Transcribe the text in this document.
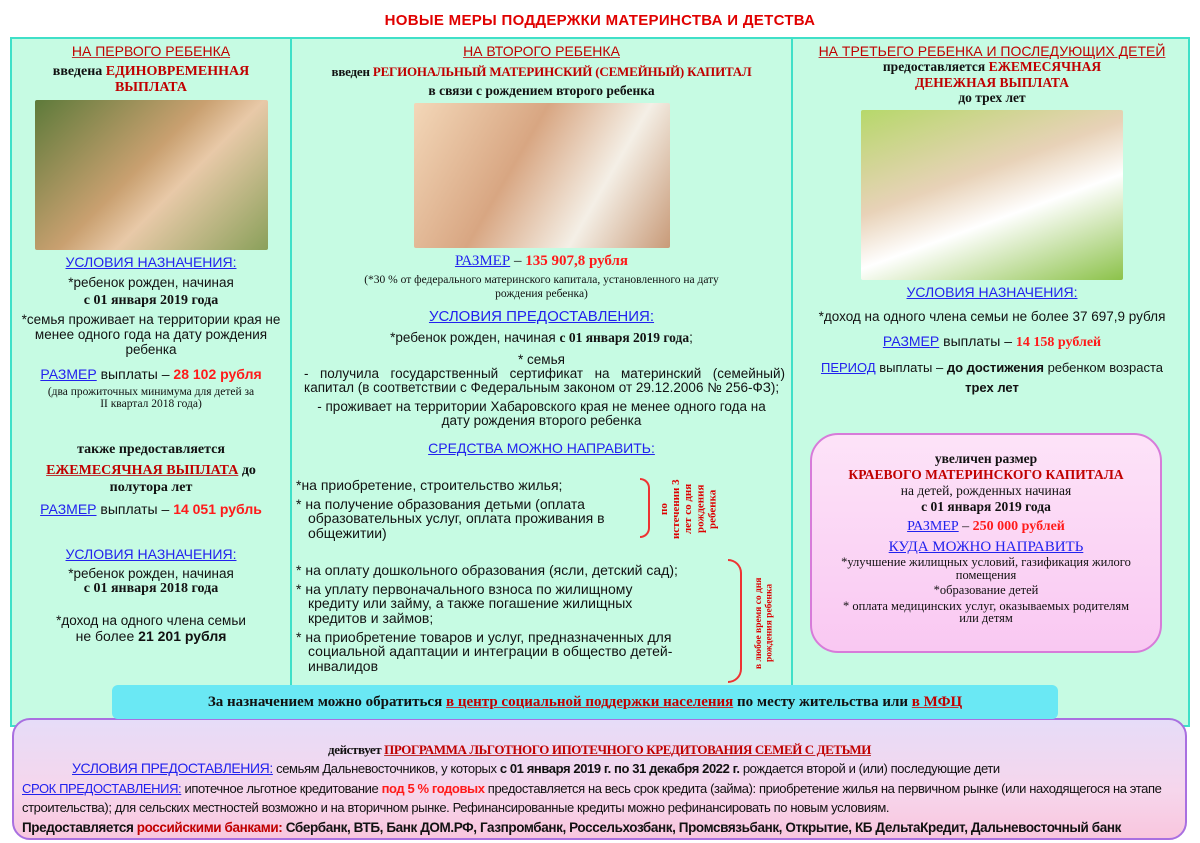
НОВЫЕ МЕРЫ ПОДДЕРЖКИ МАТЕРИНСТВА И ДЕТСТВА
НА ПЕРВОГО РЕБЕНКА
введена ЕДИНОВРЕМЕННАЯ ВЫПЛАТА
УСЛОВИЯ НАЗНАЧЕНИЯ:
*ребенок рожден, начиная
с 01 января 2019 года
*семья проживает на территории края не менее одного года на дату рождения ребенка
РАЗМЕР выплаты – 28 102 рубля
(два прожиточных минимума для детей за II квартал 2018 года)
также предоставляется
ЕЖЕМЕСЯЧНАЯ ВЫПЛАТА до полутора лет
РАЗМЕР выплаты – 14 051 рубль
УСЛОВИЯ НАЗНАЧЕНИЯ:
*ребенок рожден, начиная
с 01 января 2018 года
*доход на одного члена семьи
не более 21 201 рубля
НА ВТОРОГО РЕБЕНКА
введен РЕГИОНАЛЬНЫЙ МАТЕРИНСКИЙ (СЕМЕЙНЫЙ) КАПИТАЛ
в связи с рождением второго ребенка
РАЗМЕР – 135 907,8 рубля
(*30 % от федерального материнского капитала, установленного на дату рождения ребенка)
УСЛОВИЯ ПРЕДОСТАВЛЕНИЯ:
*ребенок рожден, начиная с 01 января 2019 года;
* семья
- получила государственный сертификат на материнский (семейный) капитал (в соответствии с Федеральным законом от 29.12.2006 № 256-ФЗ);
- проживает на территории Хабаровского края не менее одного года на дату рождения второго ребенка
СРЕДСТВА МОЖНО НАПРАВИТЬ:
*на приобретение, строительство жилья;
* на получение образования детьми (оплата образовательных услуг, оплата проживания в общежитии)
по истечении 3 лет со дня рождения ребенка
* на оплату дошкольного образования (ясли, детский сад);
* на уплату первоначального взноса по жилищному кредиту или займу, а также погашение жилищных кредитов и займов;
* на приобретение товаров и услуг, предназначенных для социальной адаптации и интеграции в общество детей-инвалидов	в любое время со дня рождения ребенка
НА ТРЕТЬЕГО РЕБЕНКА И ПОСЛЕДУЮЩИХ ДЕТЕЙ
предоставляется ЕЖЕМЕСЯЧНАЯ ДЕНЕЖНАЯ ВЫПЛАТА
до трех лет
УСЛОВИЯ НАЗНАЧЕНИЯ:
*доход на одного члена семьи не более 37 697,9 рубля
РАЗМЕР выплаты – 14 158 рублей
ПЕРИОД выплаты – до достижения ребенком возраста
трех лет
увеличен размер
КРАЕВОГО МАТЕРИНСКОГО КАПИТАЛА
на детей, рожденных начиная
с 01 января 2019 года
РАЗМЕР – 250 000 рублей
КУДА МОЖНО НАПРАВИТЬ
*улучшение жилищных условий, газификация жилого помещения
*образование детей
* оплата медицинских услуг, оказываемых родителям или детям
За назначением можно обратиться в центр социальной поддержки населения по месту жительства или в МФЦ
действует ПРОГРАММА ЛЬГОТНОГО ИПОТЕЧНОГО КРЕДИТОВАНИЯ СЕМЕЙ С ДЕТЬМИ
УСЛОВИЯ ПРЕДОСТАВЛЕНИЯ: семьям Дальневосточников, у которых с 01 января 2019 г. по 31 декабря 2022 г. рождается второй и (или) последующие дети
СРОК ПРЕДОСТАВЛЕНИЯ: ипотечное льготное кредитование под 5 % годовых предоставляется на весь срок кредита (займа): приобретение жилья на первичном рынке (или находящегося на этапе строительства); для сельских местностей возможно и на вторичном рынке. Рефинансированные кредиты можно рефинансировать по новым условиям.
Предоставляется российскими банками: Сбербанк, ВТБ, Банк ДОМ.РФ, Газпромбанк, Россельхозбанк, Промсвязьбанк, Открытие, КБ ДельтаКредит, Дальневосточный банк
